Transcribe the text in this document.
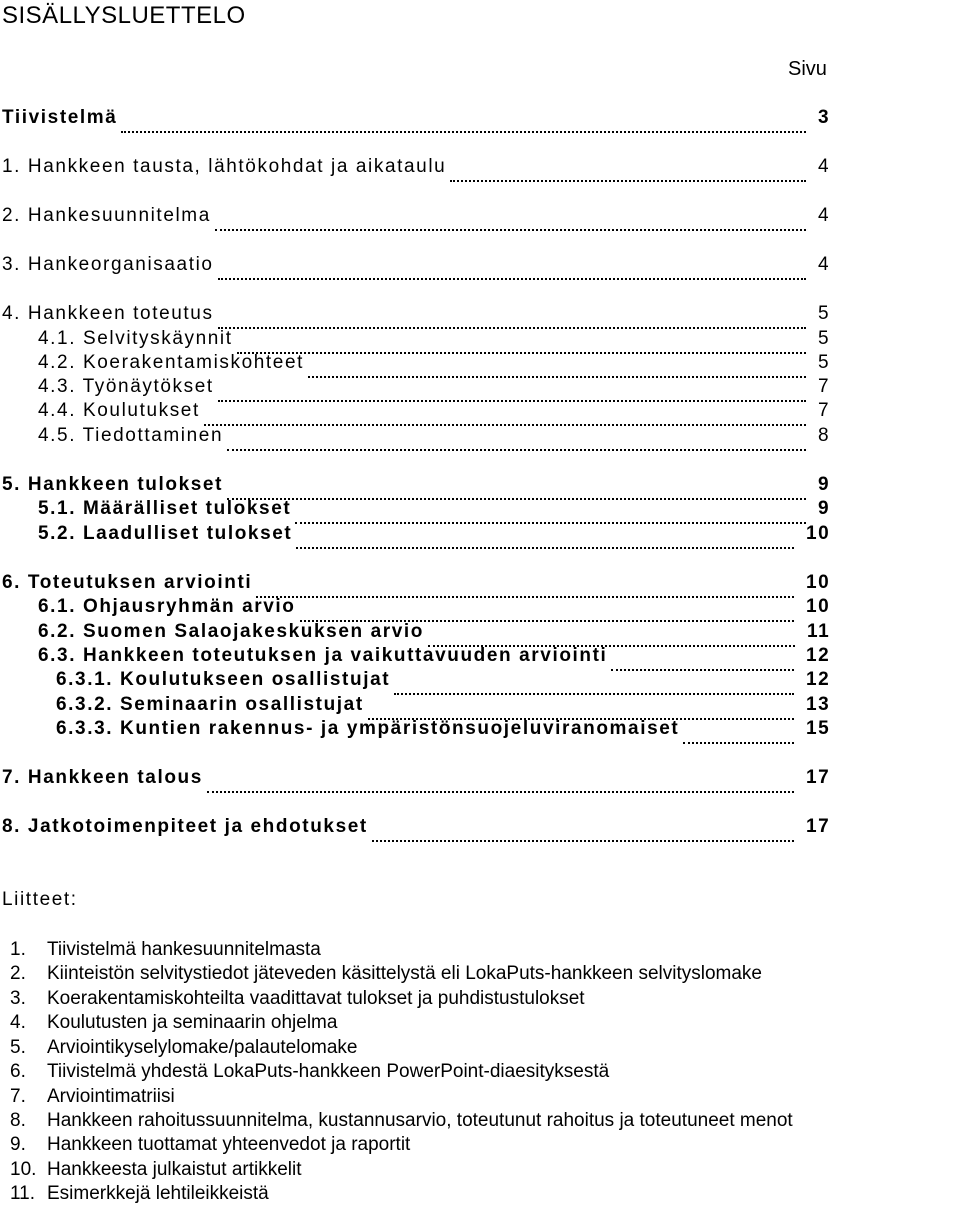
SISÄLLYSLUETTELO
Sivu
Tiivistelmä	3
1. Hankkeen tausta, lähtökohdat ja aikataulu	4
2. Hankesuunnitelma	4
3. Hankeorganisaatio	4
4. Hankkeen toteutus	5
4.1. Selvityskäynnit	5
4.2. Koerakentamiskohteet	5
4.3. Työnäytökset	7
4.4. Koulutukset	7
4.5. Tiedottaminen	8
5. Hankkeen tulokset	9
5.1. Määrälliset tulokset	9
5.2. Laadulliset tulokset	10
6. Toteutuksen arviointi	10
6.1. Ohjausryhmän arvio	10
6.2. Suomen Salaojakeskuksen arvio	11
6.3. Hankkeen toteutuksen ja vaikuttavuuden arviointi	12
6.3.1. Koulutukseen osallistujat	12
6.3.2. Seminaarin osallistujat	13
6.3.3. Kuntien rakennus- ja ympäristönsuojeluviranomaiset	15
7. Hankkeen talous	17
8. Jatkotoimenpiteet ja ehdotukset	17
Liitteet:
1. Tiivistelmä hankesuunnitelmasta
2. Kiinteistön selvitystiedot jäteveden käsittelystä eli LokaPuts-hankkeen selvityslomake
3. Koerakentamiskohteilta vaadittavat tulokset ja puhdistustulokset
4. Koulutusten ja seminaarin ohjelma
5. Arviointikyselylomake/palautelomake
6. Tiivistelmä yhdestä LokaPuts-hankkeen PowerPoint-diaesityksestä
7. Arviointimatriisi
8. Hankkeen rahoitussuunnitelma, kustannusarvio, toteutunut rahoitus ja toteutuneet menot
9. Hankkeen tuottamat yhteenvedot ja raportit
10. Hankkeesta julkaistut artikkelit
11. Esimerkkejä lehtileikkeistä
